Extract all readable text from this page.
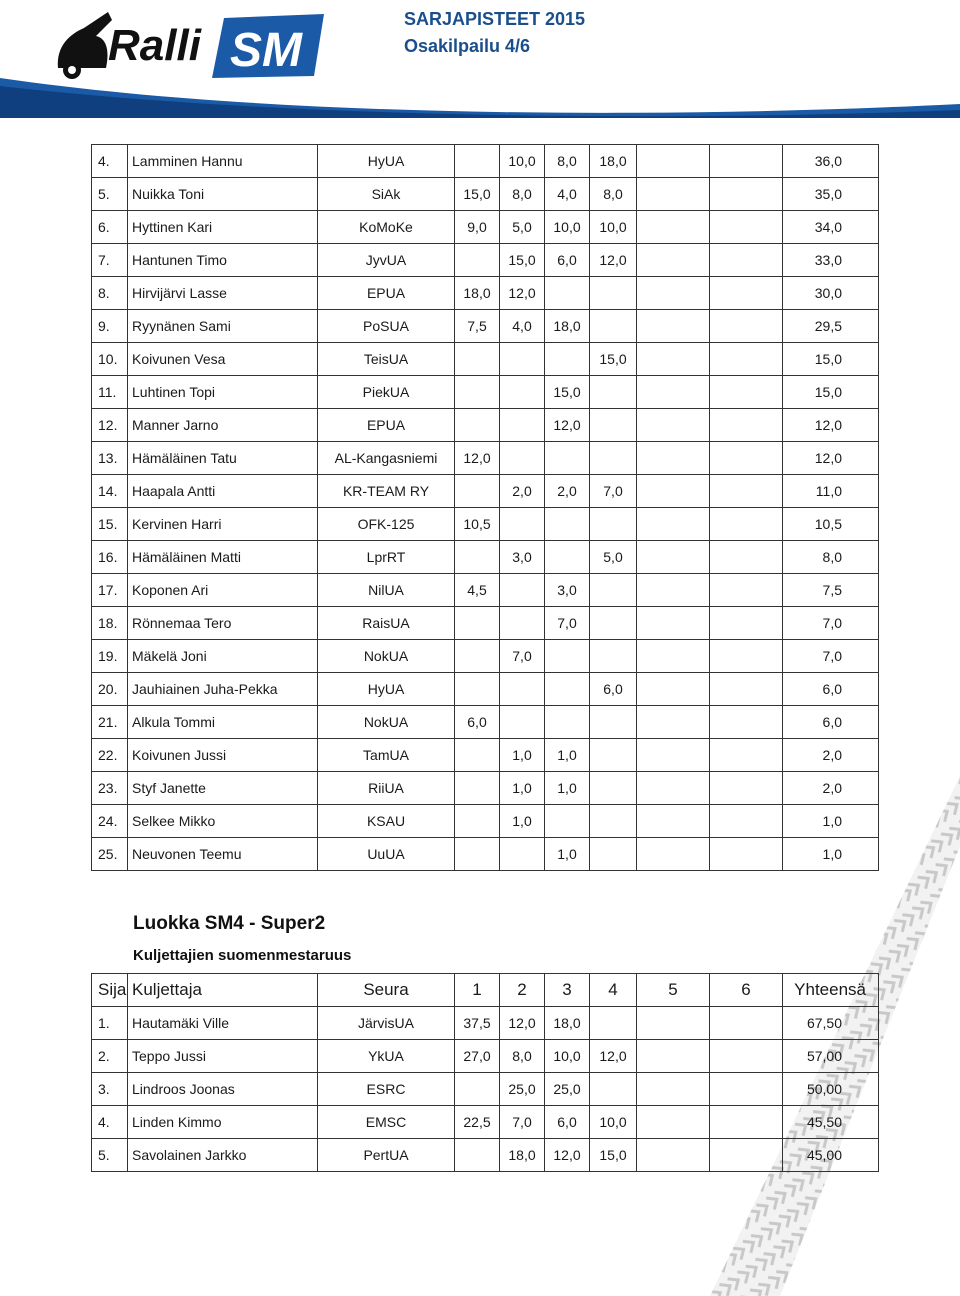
Ralli SM
SARJAPISTEET 2015
Osakilpailu 4/6
4.	Lamminen Hannu	HyUA		10,0	8,0	18,0			36,0
5.	Nuikka Toni	SiAk	15,0	8,0	4,0	8,0			35,0
6.	Hyttinen Kari	KoMoKe	9,0	5,0	10,0	10,0			34,0
7.	Hantunen Timo	JyvUA		15,0	6,0	12,0			33,0
8.	Hirvijärvi Lasse	EPUA	18,0	12,0					30,0
9.	Ryynänen Sami	PoSUA	7,5	4,0	18,0				29,5
10.	Koivunen Vesa	TeisUA				15,0			15,0
11.	Luhtinen Topi	PiekUA			15,0				15,0
12.	Manner Jarno	EPUA			12,0				12,0
13.	Hämäläinen Tatu	AL-Kangasniemi	12,0						12,0
14.	Haapala Antti	KR-TEAM RY		2,0	2,0	7,0			11,0
15.	Kervinen Harri	OFK-125	10,5						10,5
16.	Hämäläinen Matti	LprRT		3,0		5,0			8,0
17.	Koponen Ari	NilUA	4,5		3,0				7,5
18.	Rönnemaa Tero	RaisUA			7,0				7,0
19.	Mäkelä Joni	NokUA		7,0					7,0
20.	Jauhiainen Juha-Pekka	HyUA				6,0			6,0
21.	Alkula Tommi	NokUA	6,0						6,0
22.	Koivunen Jussi	TamUA		1,0	1,0				2,0
23.	Styf Janette	RiiUA		1,0	1,0				2,0
24.	Selkee Mikko	KSAU		1,0					1,0
25.	Neuvonen Teemu	UuUA			1,0				1,0
Luokka SM4 - Super2
Kuljettajien suomenmestaruus
Sija	Kuljettaja	Seura	1	2	3	4	5	6	Yhteensä
1.	Hautamäki Ville	JärvisUA	37,5	12,0	18,0				67,50
2.	Teppo Jussi	YkUA	27,0	8,0	10,0	12,0			57,00
3.	Lindroos Joonas	ESRC		25,0	25,0				50,00
4.	Linden Kimmo	EMSC	22,5	7,0	6,0	10,0			45,50
5.	Savolainen Jarkko	PertUA		18,0	12,0	15,0			45,00
